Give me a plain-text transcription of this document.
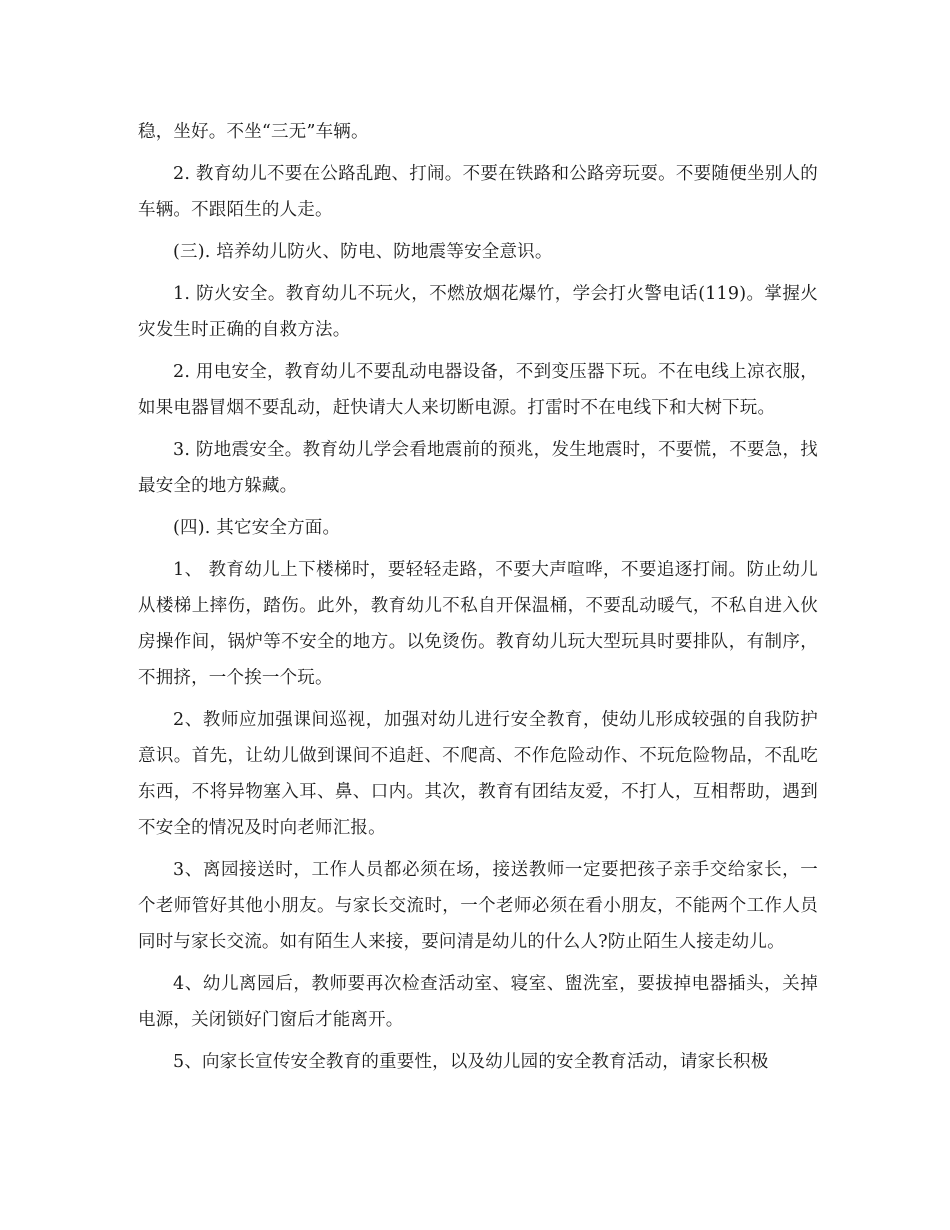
稳，坐好。不坐“三无”车辆。

2. 教育幼儿不要在公路乱跑、打闹。不要在铁路和公路旁玩耍。不要随便坐别人的车辆。不跟陌生的人走。

(三). 培养幼儿防火、防电、防地震等安全意识。

1. 防火安全。教育幼儿不玩火，不燃放烟花爆竹，学会打火警电话(119)。掌握火灾发生时正确的自救方法。

2. 用电安全，教育幼儿不要乱动电器设备，不到变压器下玩。不在电线上凉衣服，如果电器冒烟不要乱动，赶快请大人来切断电源。打雷时不在电线下和大树下玩。

3. 防地震安全。教育幼儿学会看地震前的预兆，发生地震时，不要慌，不要急，找最安全的地方躲藏。

(四). 其它安全方面。

1、 教育幼儿上下楼梯时，要轻轻走路，不要大声喧哗，不要追逐打闹。防止幼儿从楼梯上摔伤，踏伤。此外，教育幼儿不私自开保温桶，不要乱动暖气，不私自进入伙房操作间，锅炉等不安全的地方。以免烫伤。教育幼儿玩大型玩具时要排队，有制序，不拥挤，一个挨一个玩。

2、教师应加强课间巡视，加强对幼儿进行安全教育，使幼儿形成较强的自我防护意识。首先，让幼儿做到课间不追赶、不爬高、不作危险动作、不玩危险物品，不乱吃东西，不将异物塞入耳、鼻、口内。其次，教育有团结友爱，不打人，互相帮助，遇到不安全的情况及时向老师汇报。

3、离园接送时，工作人员都必须在场，接送教师一定要把孩子亲手交给家长，一个老师管好其他小朋友。与家长交流时，一个老师必须在看小朋友，不能两个工作人员同时与家长交流。如有陌生人来接，要问清是幼儿的什么人?防止陌生人接走幼儿。

4、幼儿离园后，教师要再次检查活动室、寝室、盥洗室，要拔掉电器插头，关掉电源，关闭锁好门窗后才能离开。

5、向家长宣传安全教育的重要性，以及幼儿园的安全教育活动，请家长积极
